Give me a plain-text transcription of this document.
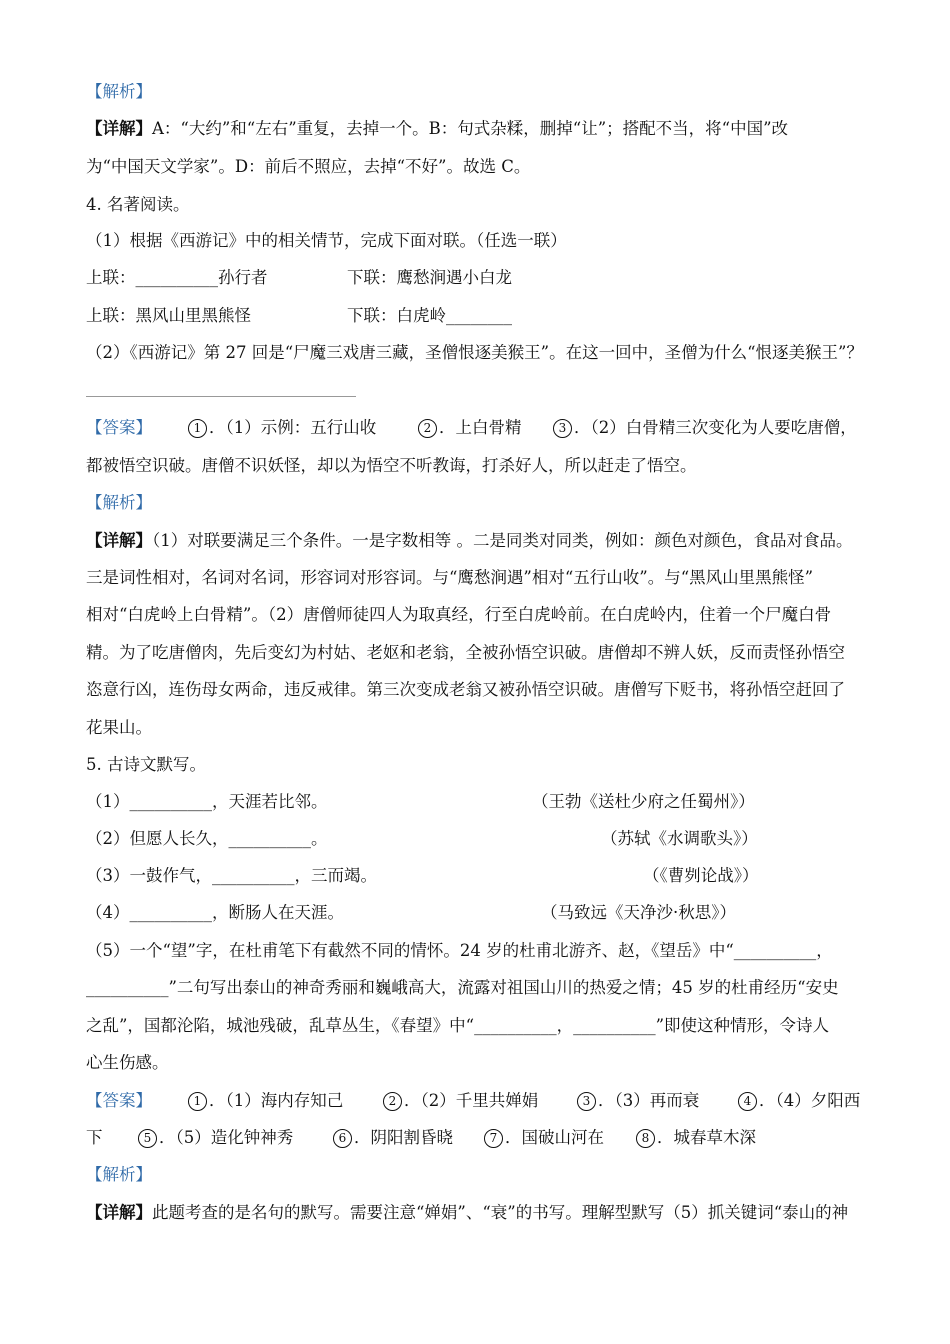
【解析】
【详解】A：“大约”和“左右”重复，去掉一个。B：句式杂糅，删掉“让”；搭配不当，将“中国”改
为“中国天文学家”。D：前后不照应，去掉“不好”。故选 C。
4. 名著阅读。
（1）根据《西游记》中的相关情节，完成下面对联。（任选一联）
上联：__________孙行者	下联：鹰愁涧遇小白龙
上联：黑风山里黑熊怪	下联：白虎岭________
（2）《西游记》第 27 回是“尸魔三戏唐三藏，圣僧恨逐美猴王”。在这一回中，圣僧为什么“恨逐美猴王”？
【答案】	1 ．（1）示例：五行山收	2 ．上白骨精	3 ．（2）白骨精三次变化为人要吃唐僧，
都被悟空识破。唐僧不识妖怪，却以为悟空不听教诲，打杀好人，所以赶走了悟空。
【解析】
【详解】（1）对联要满足三个条件。一是字数相等 。二是同类对同类，例如：颜色对颜色，食品对食品。
三是词性相对，名词对名词，形容词对形容词。与“鹰愁涧遇”相对“五行山收”。与“黑风山里黑熊怪”
相对“白虎岭上白骨精”。（2）唐僧师徒四人为取真经，行至白虎岭前。在白虎岭内，住着一个尸魔白骨
精。为了吃唐僧肉，先后变幻为村姑、老妪和老翁，全被孙悟空识破。唐僧却不辨人妖，反而责怪孙悟空
恣意行凶，连伤母女两命，违反戒律。第三次变成老翁又被孙悟空识破。唐僧写下贬书，将孙悟空赶回了
花果山。
5. 古诗文默写。
（1）__________，天涯若比邻。	（王勃《送杜少府之任蜀州》）
（2）但愿人长久，__________。	（苏轼《水调歌头》）
（3）一鼓作气，__________，三而竭。	（《曹刿论战》）
（4）__________，断肠人在天涯。	（马致远《天净沙·秋思》）
（5）一个“望”字，在杜甫笔下有截然不同的情怀。24 岁的杜甫北游齐、赵，《望岳》中“__________，
__________”二句写出泰山的神奇秀丽和巍峨高大，流露对祖国山川的热爱之情；45 岁的杜甫经历“安史
之乱”，国都沦陷，城池残破，乱草丛生，《春望》中“__________，__________”即使这种情形，令诗人
心生伤感。
【答案】	1 ．（1）海内存知己	2 ．（2）千里共婵娟	3 ．（3）再而衰	4 ．（4）夕阳西
下	5 ．（5）造化钟神秀	6 ．阴阳割昏晓	7 ．国破山河在	8 ．城春草木深
【解析】
【详解】此题考查的是名句的默写。需要注意“婵娟”、“衰”的书写。理解型默写（5）抓关键词“泰山的神
